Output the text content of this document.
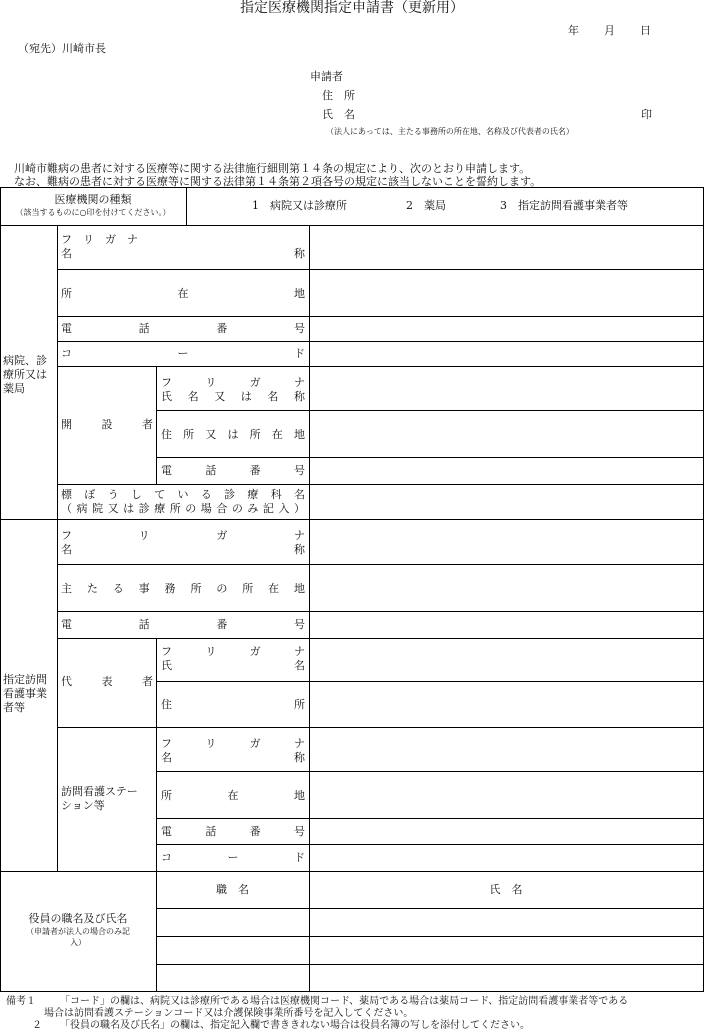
指定医療機関指定申請書（更新用）
年 月 日
（宛先）川崎市長
申請者
住　所
氏　名	印
（法人にあっては、主たる事務所の所在地、名称及び代表者の氏名）
川崎市難病の患者に対する医療等に関する法律施行細則第１４条の規定により、次のとおり申請します。
なお、難病の患者に対する医療等に関する法律第１４条第２項各号の規定に該当しないことを誓約します。
医療機関の種類
（該当するものに○印を付けてください。）
1　病院又は診療所	2　薬局	3　指定訪問看護事業者等
病院、診
療所又は
薬局
フ　リ　ガ　ナ
名　称
所　在　地
電　話　番　号
コ　ー　ド
開　設　者
フ　リ　ガ　ナ
氏名又は名称
住所又は所在地
電　話　番　号
標ぼうしている診療科名
（病院又は診療所の場合のみ記入）
指定訪問
看護事業
者等
フ　リ　ガ　ナ
名　称
主たる事務所の所在地
電　話　番　号
代　表　者
フ　リ　ガ　ナ
氏　名
住　所
訪問看護ステー
ション等
フ　リ　ガ　ナ
名　称
所　在　地
電　話　番　号
コ　ー　ド
役員の職名及び氏名
（申請者が法人の場合のみ記
入）
職　名	氏　名
備考１ 「コード」の欄は、病院又は診療所である場合は医療機関コード、薬局である場合は薬局コード、指定訪問看護事業者等である
場合は訪問看護ステーションコード又は介護保険事業所番号を記入してください。
２ 「役員の職名及び氏名」の欄は、指定記入欄で書ききれない場合は役員名簿の写しを添付してください。
